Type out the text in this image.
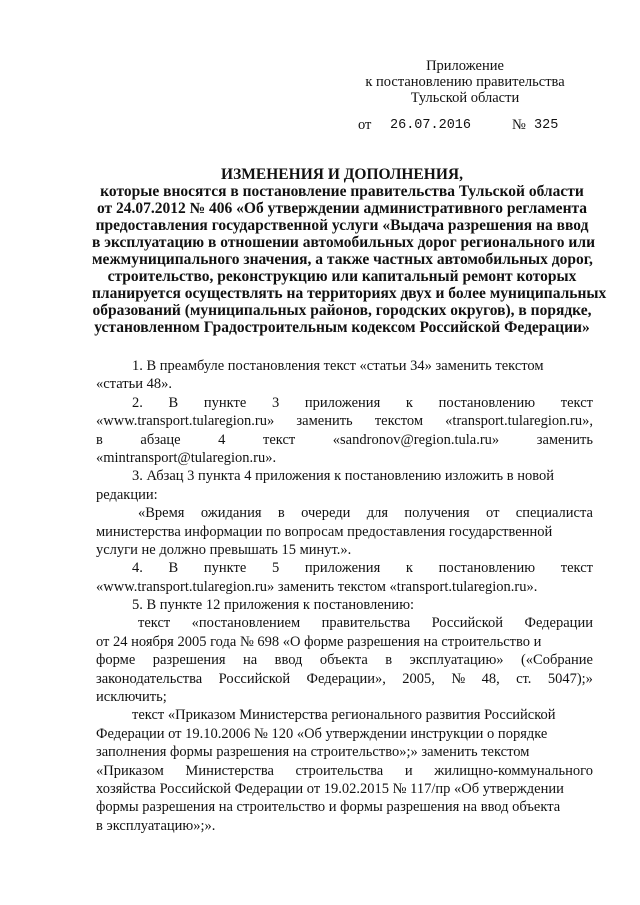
Приложение
к постановлению правительства
Тульской области
от 26.07.2016	№ 325
ИЗМЕНЕНИЯ И ДОПОЛНЕНИЯ,
которые вносятся в постановление правительства Тульской области
от 24.07.2012 № 406 «Об утверждении административного регламента
предоставления государственной услуги «Выдача разрешения на ввод
в эксплуатацию в отношении автомобильных дорог регионального или
межмуниципального значения, а также частных автомобильных дорог,
строительство, реконструкцию или капитальный ремонт которых
планируется осуществлять на территориях двух и более муниципальных
образований (муниципальных районов, городских округов), в порядке,
установленном Градостроительным кодексом Российской Федерации»
1. В преамбуле постановления текст «статьи 34» заменить текстом
«статьи 48».
2. В пункте 3 приложения к постановлению текст
«www.transport.tularegion.ru» заменить текстом «transport.tularegion.ru»,
в	абзаце	4	текст	«sandronov@region.tula.ru»	заменить
«mintransport@tularegion.ru».
3. Абзац 3 пункта 4 приложения к постановлению изложить в новой
редакции:
«Время ожидания в очереди для получения от специалиста
министерства информации по вопросам предоставления государственной
услуги не должно превышать 15 минут.».
4. В пункте 5 приложения к постановлению текст
«www.transport.tularegion.ru» заменить текстом «transport.tularegion.ru».
5. В пункте 12 приложения к постановлению:
текст «постановлением правительства Российской Федерации
от 24 ноября 2005 года № 698 «О форме разрешения на строительство и
форме разрешения на ввод объекта в эксплуатацию» («Собрание
законодательства Российской Федерации», 2005, № 48, ст. 5047);»
исключить;
текст «Приказом Министерства регионального развития Российской
Федерации от 19.10.2006 № 120 «Об утверждении инструкции о порядке
заполнения формы разрешения на строительство»;» заменить текстом
«Приказом Министерства строительства и жилищно-коммунального
хозяйства Российской Федерации от 19.02.2015 № 117/пр «Об утверждении
формы разрешения на строительство и формы разрешения на ввод объекта
в эксплуатацию»;».
